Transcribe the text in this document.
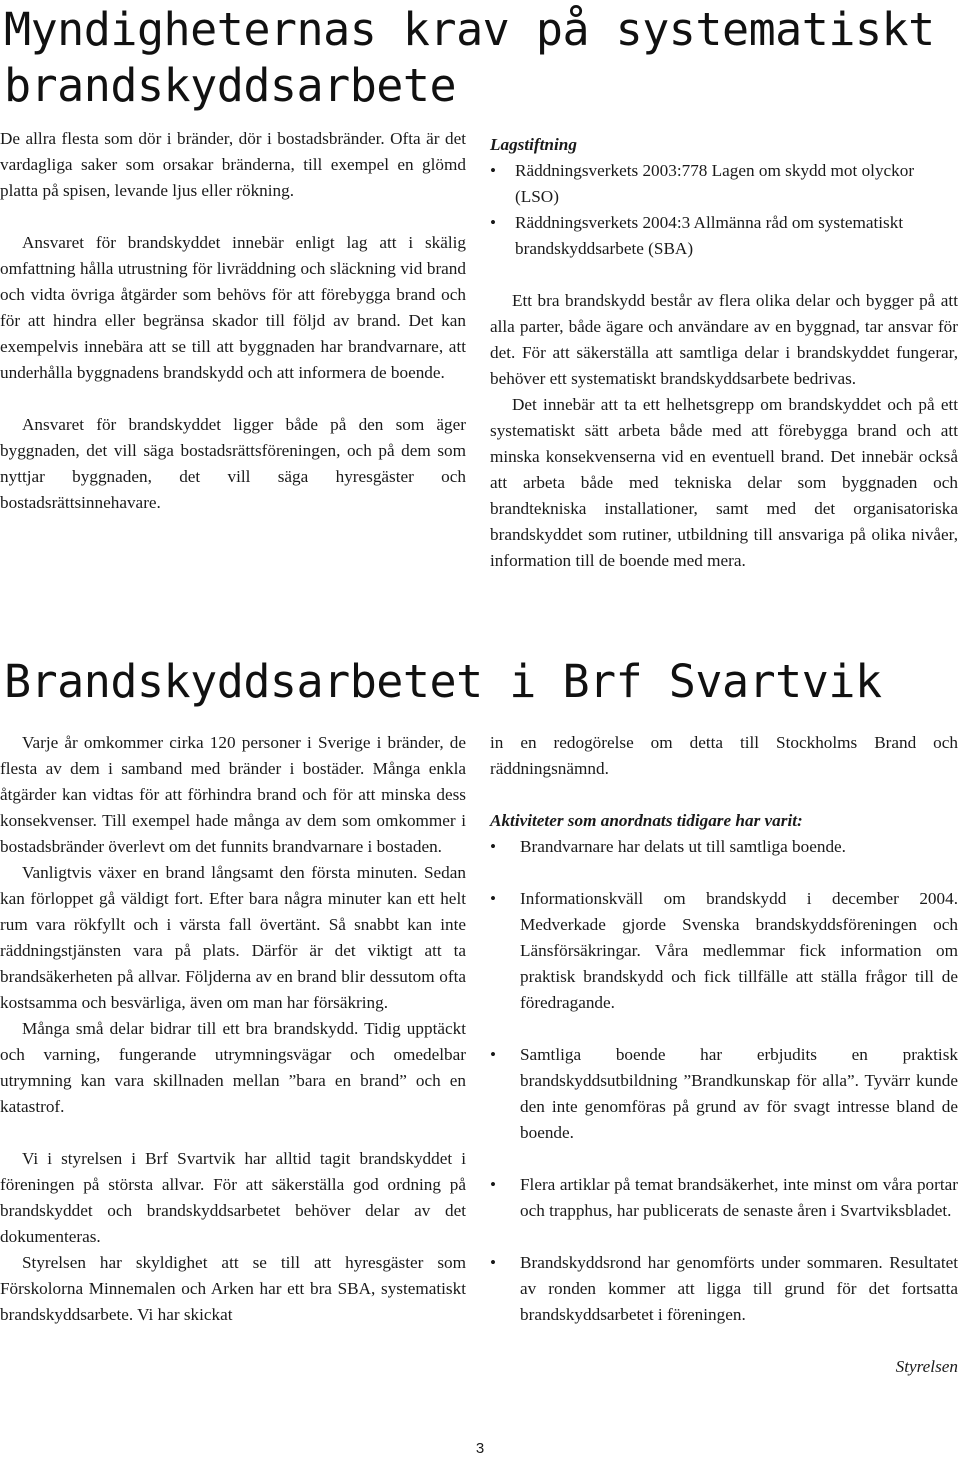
Myndigheternas krav på systematiskt brandskyddsarbete

De allra flesta som dör i bränder, dör i bostadsbränder. Ofta är det vardagliga saker som orsakar bränderna, till exempel en glömd platta på spisen, levande ljus eller rökning.

Ansvaret för brandskyddet innebär enligt lag att i skälig omfattning hålla utrustning för livräddning och släckning vid brand och vidta övriga åtgärder som behövs för att förebygga brand och för att hindra eller begränsa skador till följd av brand. Det kan exempelvis innebära att se till att byggnaden har brandvarnare, att underhålla byggnadens brandskydd och att informera de boende.

Ansvaret för brandskyddet ligger både på den som äger byggnaden, det vill säga bostadsrättsföreningen, och på dem som nyttjar byggnaden, det vill säga hyresgäster och bostadsrättsinnehavare.

Lagstiftning

• Räddningsverkets 2003:778 Lagen om skydd mot olyckor (LSO)
• Räddningsverkets 2004:3 Allmänna råd om systematiskt brandskyddsarbete (SBA)

Ett bra brandskydd består av flera olika delar och bygger på att alla parter, både ägare och användare av en byggnad, tar ansvar för det. För att säkerställa att samtliga delar i brandskyddet fungerar, behöver ett systematiskt brandskyddsarbete bedrivas.

Det innebär att ta ett helhetsgrepp om brandskyddet och på ett systematiskt sätt arbeta både med att förebygga brand och att minska konsekvenserna vid en eventuell brand. Det innebär också att arbeta både med tekniska delar som byggnaden och brandtekniska installationer, samt med det organisatoriska brandskyddet som rutiner, utbildning till ansvariga på olika nivåer, information till de boende med mera.

Brandskyddsarbetet i Brf Svartvik

Varje år omkommer cirka 120 personer i Sverige i bränder, de flesta av dem i samband med bränder i bostäder. Många enkla åtgärder kan vidtas för att förhindra brand och för att minska dess konsekvenser. Till exempel hade många av dem som omkommer i bostadsbränder överlevt om det funnits brandvarnare i bostaden.

Vanligtvis växer en brand långsamt den första minuten. Sedan kan förloppet gå väldigt fort. Efter bara några minuter kan ett helt rum vara rökfyllt och i värsta fall övertänt. Så snabbt kan inte räddningstjänsten vara på plats. Därför är det viktigt att ta brandsäkerheten på allvar. Följderna av en brand blir dessutom ofta kostsamma och besvärliga, även om man har försäkring.

Många små delar bidrar till ett bra brandskydd. Tidig upptäckt och varning, fungerande utrymningsvägar och omedelbar utrymning kan vara skillnaden mellan ”bara en brand” och en katastrof.

Vi i styrelsen i Brf Svartvik har alltid tagit brandskyddet i föreningen på största allvar. För att säkerställa god ordning på brandskyddet och brandskyddsarbetet behöver delar av det dokumenteras.

Styrelsen har skyldighet att se till att hyresgäster som Förskolorna Minnemalen och Arken har ett bra SBA, systematiskt brandskyddsarbete. Vi har skickat

in en redogörelse om detta till Stockholms Brand och räddningsnämnd.

Aktiviteter som anordnats tidigare har varit:

• Brandvarnare har delats ut till samtliga boende.

• Informationskväll om brandskydd i december 2004. Medverkade gjorde Svenska brandskyddsföreningen och Länsförsäkringar. Våra medlemmar fick information om praktisk brandskydd och fick tillfälle att ställa frågor till de föredragande.

• Samtliga boende har erbjudits en praktisk brandskyddsutbildning ”Brandkunskap för alla”. Tyvärr kunde den inte genomföras på grund av för svagt intresse bland de boende.

• Flera artiklar på temat brandsäkerhet, inte minst om våra portar och trapphus, har publicerats de senaste åren i Svartviksbladet.

• Brandskyddsrond har genomförts under sommaren. Resultatet av ronden kommer att ligga till grund för det fortsatta brandskyddsarbetet i föreningen.

Styrelsen

3
